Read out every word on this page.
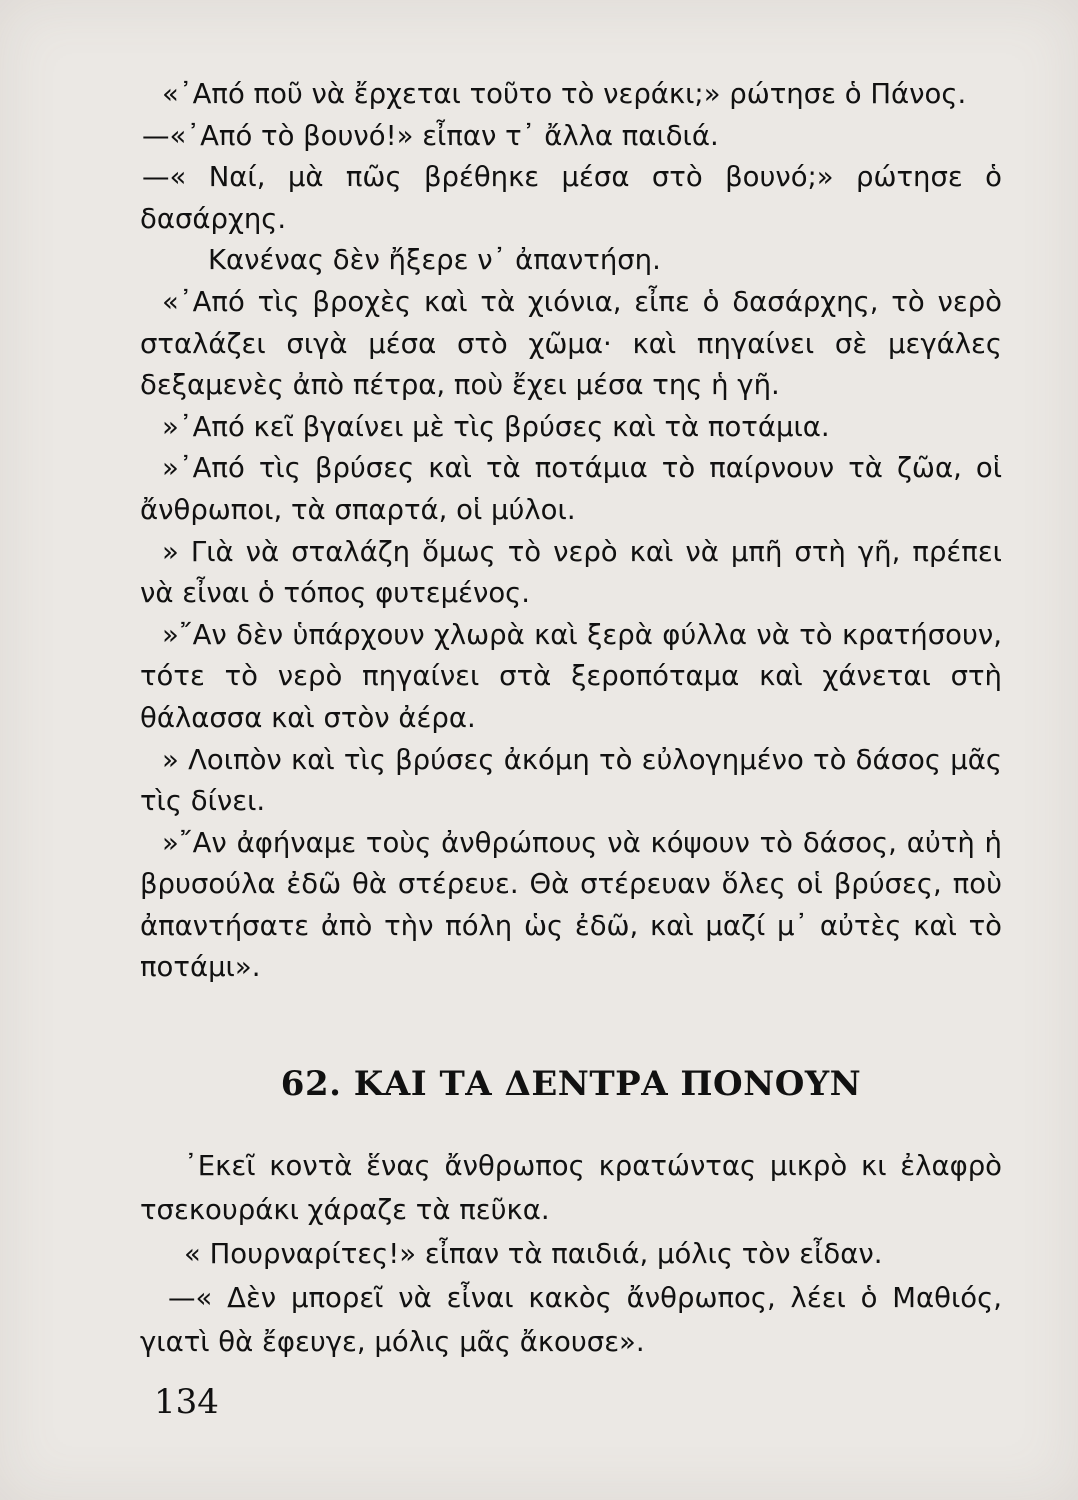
«᾿Από ποῦ νὰ ἔρχεται τοῦτο τὸ νεράκι;» ρώτησε ὁ Πάνος.

—«᾿Από τὸ βουνό!» εἶπαν τ᾿ ἄλλα παιδιά.

—« Ναί, μὰ πῶς βρέθηκε μέσα στὸ βουνό;» ρώτησε ὁ δασάρχης.

Κανένας δὲν ἤξερε ν᾿ ἀπαντήση.

«᾿Από τὶς βροχὲς καὶ τὰ χιόνια, εἶπε ὁ δασάρχης, τὸ νερὸ σταλάζει σιγὰ μέσα στὸ χῶμα· καὶ πηγαίνει σὲ μεγάλες δεξαμενὲς ἀπὸ πέτρα, ποὺ ἔχει μέσα της ἡ γῆ.

»᾿Από κεῖ βγαίνει μὲ τὶς βρύσες καὶ τὰ ποτάμια.

»᾿Από τὶς βρύσες καὶ τὰ ποτάμια τὸ παίρνουν τὰ ζῶα, οἱ ἄνθρωποι, τὰ σπαρτά, οἱ μύλοι.

» Γιὰ νὰ σταλάζη ὅμως τὸ νερὸ καὶ νὰ μπῆ στὴ γῆ, πρέπει νὰ εἶναι ὁ τόπος φυτεμένος.

»῎Αν δὲν ὑπάρχουν χλωρὰ καὶ ξερὰ φύλλα νὰ τὸ κρατήσουν, τότε τὸ νερὸ πηγαίνει στὰ ξεροπόταμα καὶ χάνεται στὴ θάλασσα καὶ στὸν ἀέρα.

» Λοιπὸν καὶ τὶς βρύσες ἀκόμη τὸ εὐλογημένο τὸ δάσος μᾶς τὶς δίνει.

»῎Αν ἀφήναμε τοὺς ἀνθρώπους νὰ κόψουν τὸ δάσος, αὐτὴ ἡ βρυσούλα ἐδῶ θὰ στέρευε. Θὰ στέρευαν ὅλες οἱ βρύσες, ποὺ ἀπαντήσατε ἀπὸ τὴν πόλη ὡς ἐδῶ, καὶ μαζί μ᾿ αὐτὲς καὶ τὸ ποτάμι».

62. ΚΑΙ ΤΑ ΔΕΝΤΡΑ ΠΟΝΟΥΝ

᾿Εκεῖ κοντὰ ἕνας ἄνθρωπος κρατώντας μικρὸ κι ἐλαφρὸ τσεκουράκι χάραζε τὰ πεῦκα.

« Πουρναρίτες!» εἶπαν τὰ παιδιά, μόλις τὸν εἶδαν.

—« Δὲν μπορεῖ νὰ εἶναι κακὸς ἄνθρωπος, λέει ὁ Μαθιός, γιατὶ θὰ ἔφευγε, μόλις μᾶς ἄκουσε».

134
